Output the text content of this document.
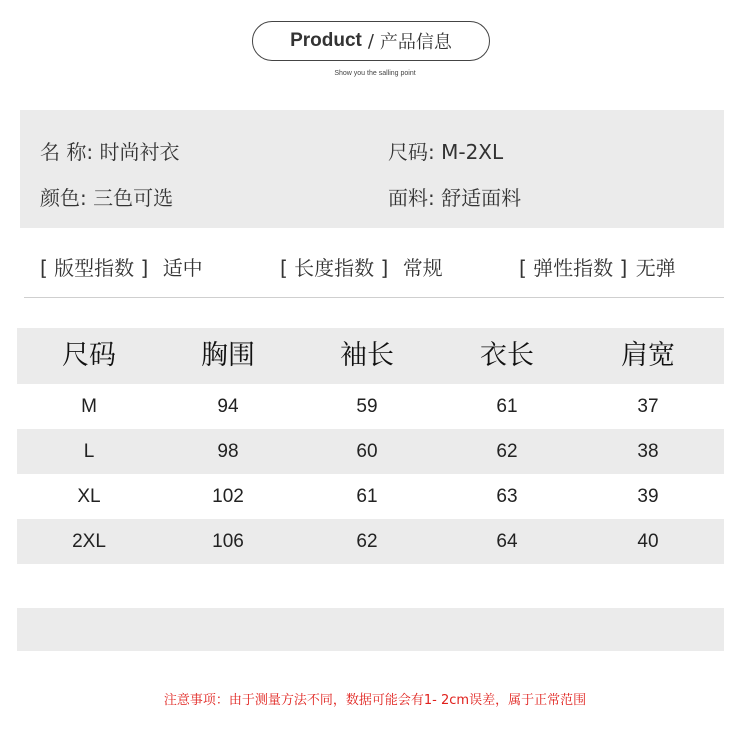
Product / 产品信息
Show you the salling point
名 称: 时尚衬衣	尺码: M-2XL
颜色: 三色可选	面料: 舒适面料
[ 版型指数 ] 适中	[ 长度指数 ] 常规	[ 弹性指数 ] 无弹
尺码	胸围	袖长	衣长	肩宽
M	94	59	61	37
L	98	60	62	38
XL	102	61	63	39
2XL	106	62	64	40
注意事项：由于测量方法不同，数据可能会有1- 2cm误差，属于正常范围
